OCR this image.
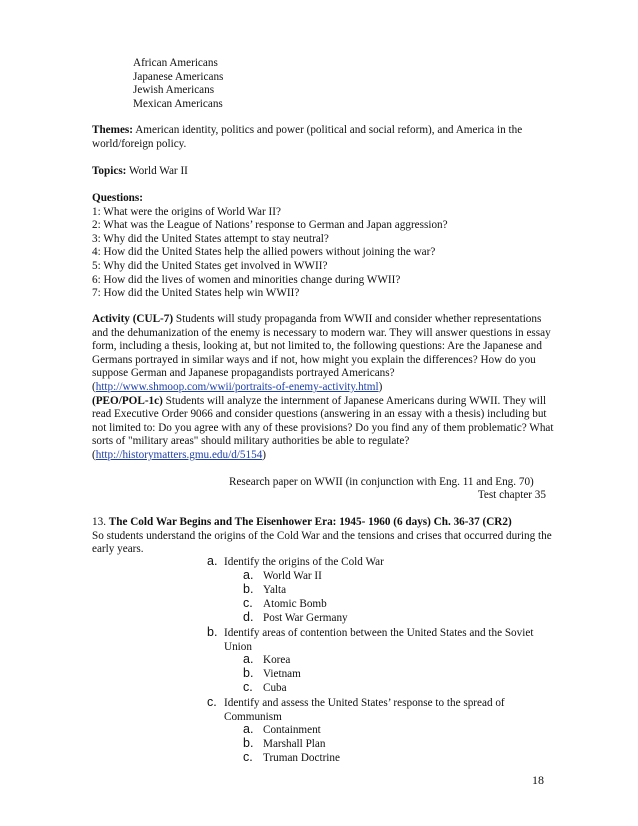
African Americans
Japanese Americans
Jewish Americans
Mexican Americans

Themes: American identity, politics and power (political and social reform), and America in the world/foreign policy.

Topics: World War II
Questions:
1: What were the origins of World War II?
2: What was the League of Nations’ response to German and Japan aggression?
3: Why did the United States attempt to stay neutral?
4: How did the United States help the allied powers without joining the war?
5: Why did the United States get involved in WWII?
6: How did the lives of women and minorities change during WWII?
7: How did the United States help win WWII?

Activity (CUL-7) Students will study propaganda from WWII and consider whether representations and the dehumanization of the enemy is necessary to modern war. They will answer questions in essay form, including a thesis, looking at, but not limited to, the following questions: Are the Japanese and Germans portrayed in similar ways and if not, how might you explain the differences? How do you suppose German and Japanese propagandists portrayed Americans? (http://www.shmoop.com/wwii/portraits-of-enemy-activity.html)

(PEO/POL-1c) Students will analyze the internment of Japanese Americans during WWII. They will read Executive Order 9066 and consider questions (answering in an essay with a thesis) including but not limited to: Do you agree with any of these provisions? Do you find any of them problematic? What sorts of "military areas" should military authorities be able to regulate? (http://historymatters.gmu.edu/d/5154)

Research paper on WWII (in conjunction with Eng. 11 and Eng. 70)
Test chapter 35

13. The Cold War Begins and The Eisenhower Era: 1945- 1960 (6 days) Ch. 36-37 (CR2)

So students understand the origins of the Cold War and the tensions and crises that occurred during the early years.

a. Identify the origins of the Cold War
a. World War II
b. Yalta
c. Atomic Bomb
d. Post War Germany
b. Identify areas of contention between the United States and the Soviet Union
a. Korea
b. Vietnam
c. Cuba
c. Identify and assess the United States’ response to the spread of Communism
a. Containment
b. Marshall Plan
c. Truman Doctrine
18
